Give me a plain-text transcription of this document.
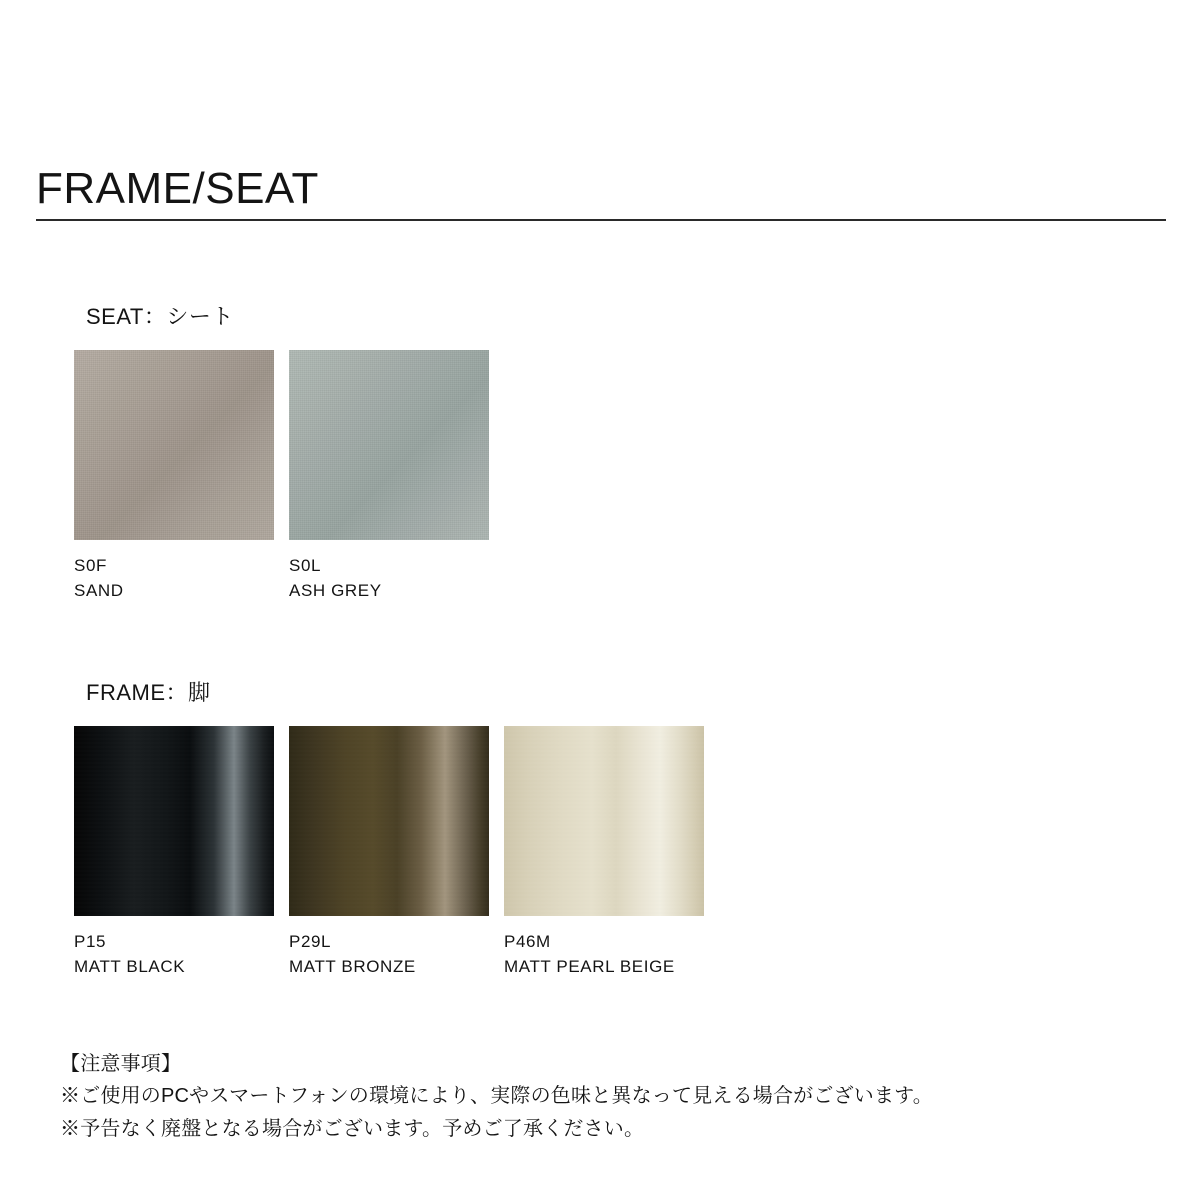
FRAME/SEAT
SEAT：シート
S0F
SAND
S0L
ASH GREY
FRAME：脚
P15
MATT BLACK
P29L
MATT BRONZE
P46M
MATT PEARL BEIGE
【注意事項】
※ご使用のPCやスマートフォンの環境により、実際の色味と異なって見える場合がございます。
※予告なく廃盤となる場合がございます。予めご了承ください。
